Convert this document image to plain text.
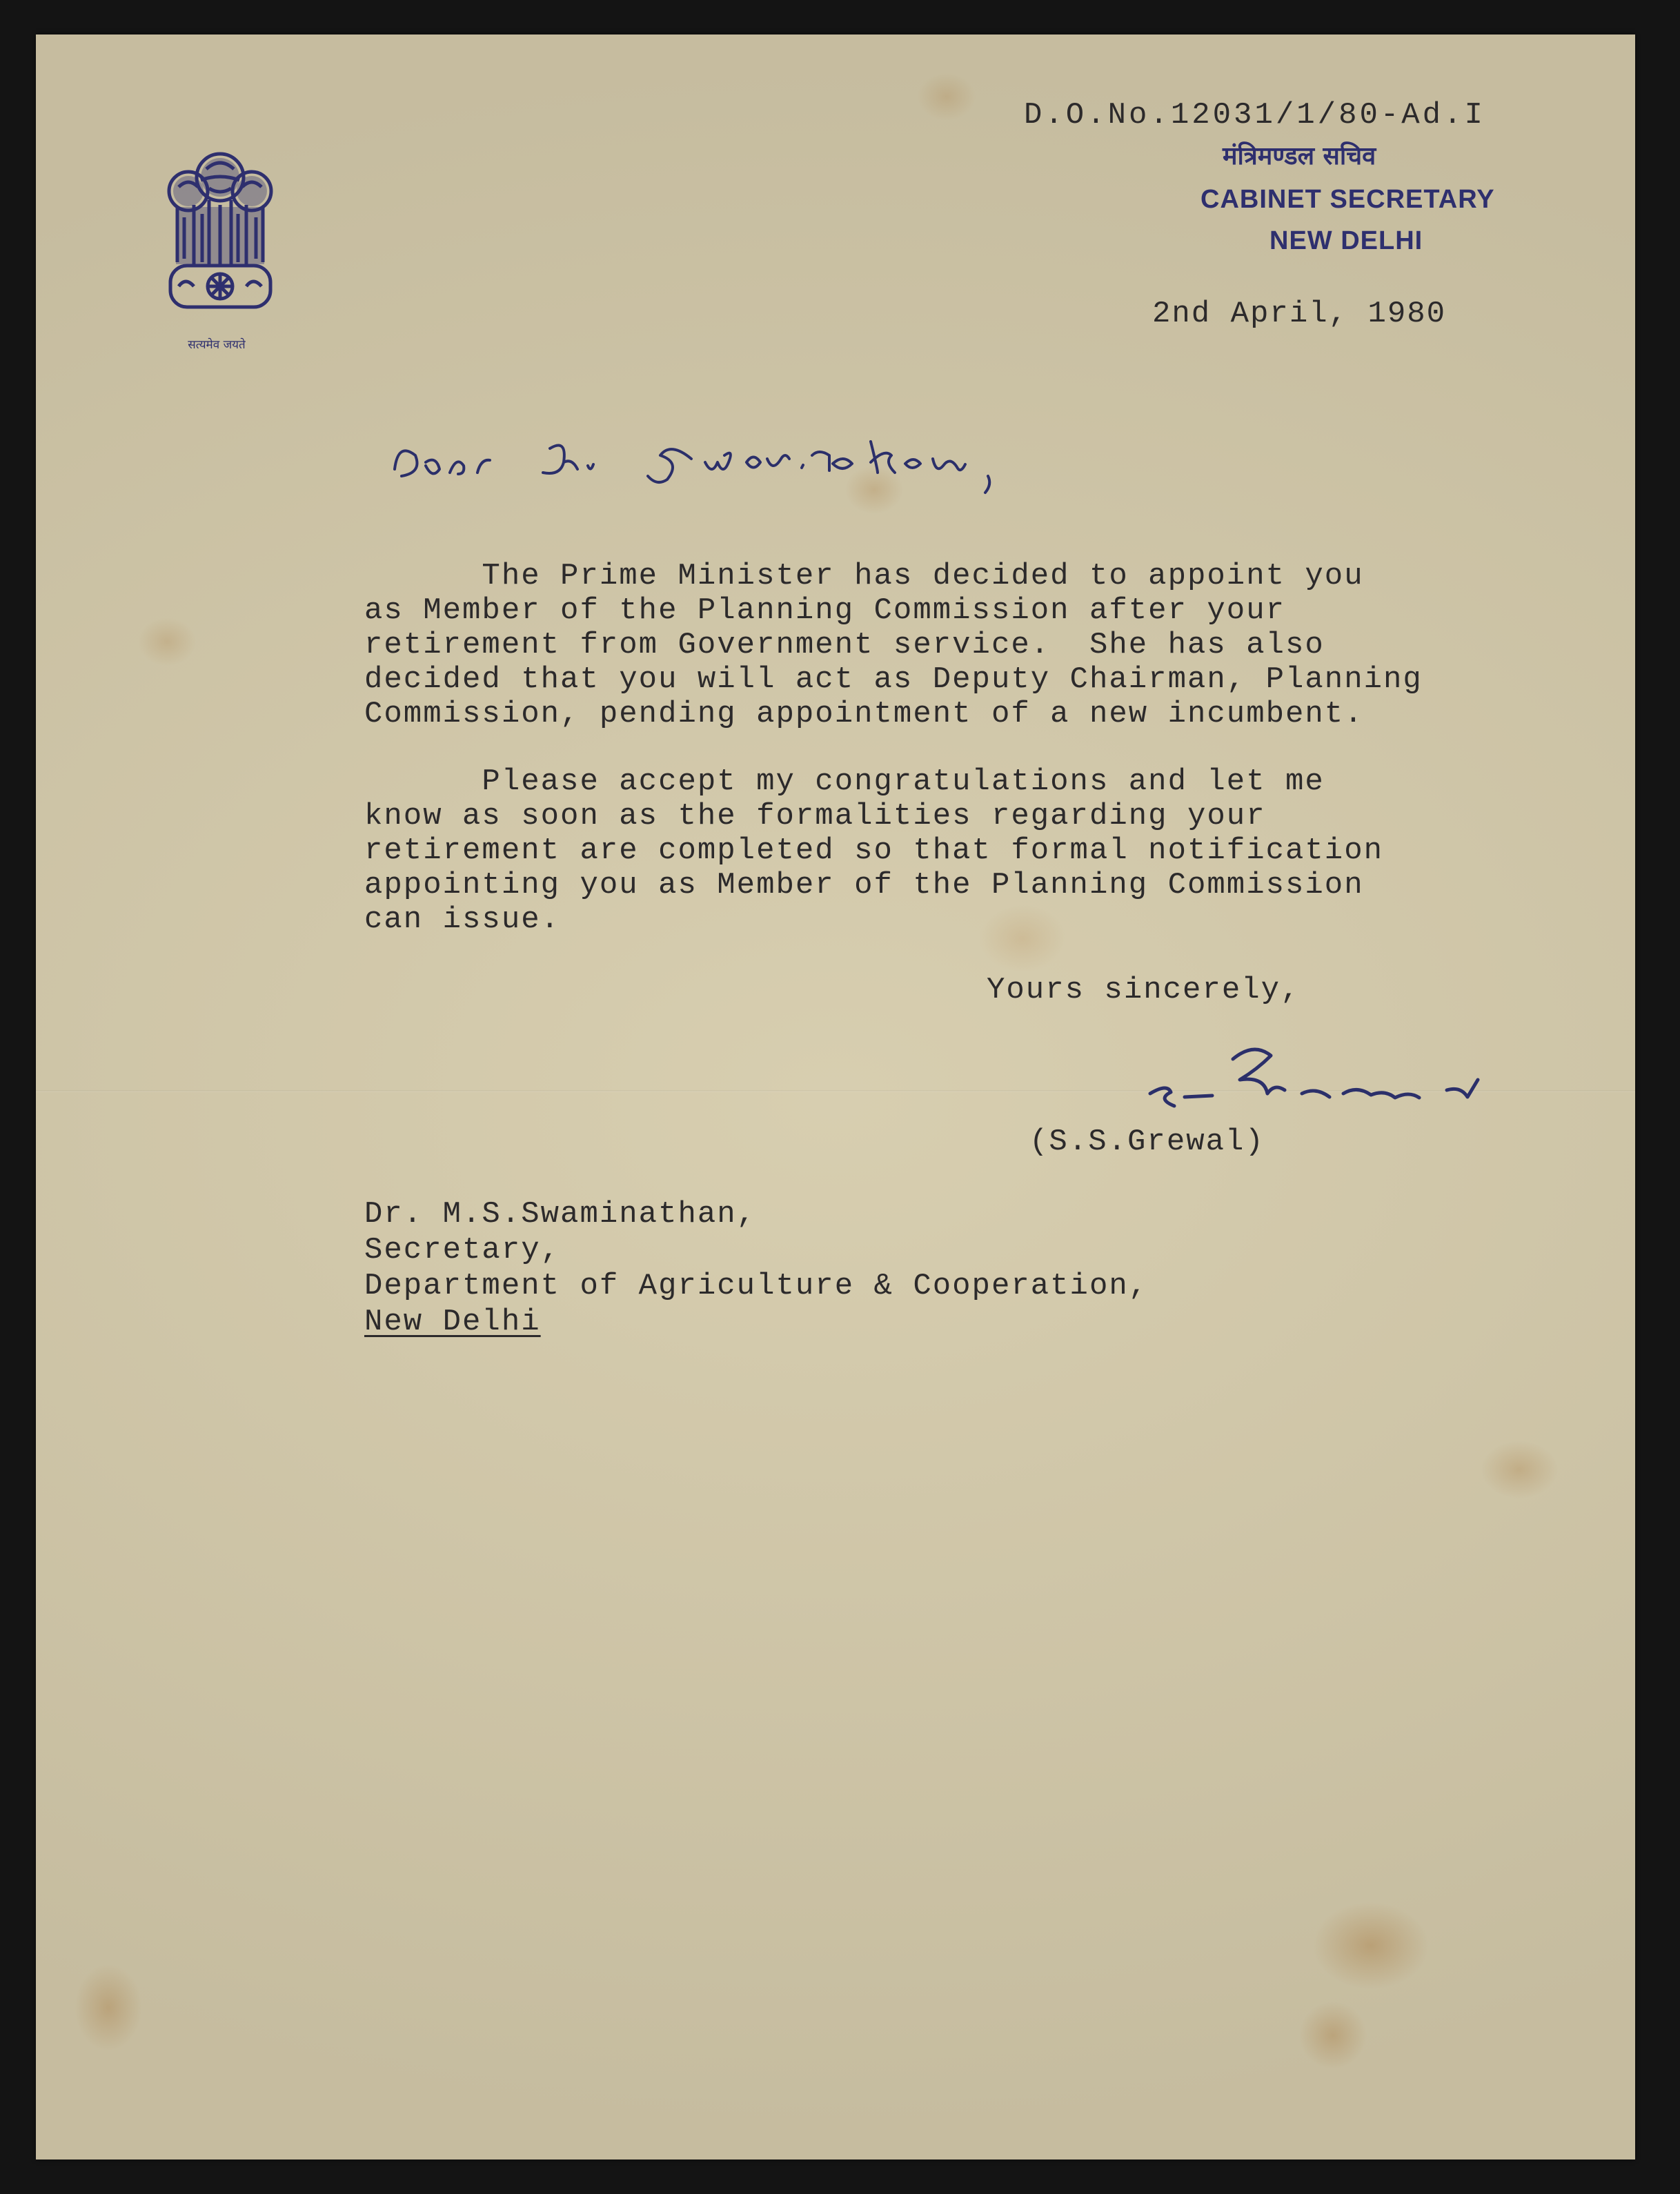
सत्यमेव जयते

D.O.No.12031/1/80-Ad.I

मंत्रिमण्डल सचिव
CABINET SECRETARY
NEW DELHI

2nd April, 1980

The Prime Minister has decided to appoint you

as Member of the Planning Commission after your

retirement from Government service.  She has also

decided that you will act as Deputy Chairman, Planning

Commission, pending appointment of a new incumbent.

Please accept my congratulations and let me

know as soon as the formalities regarding your

retirement are completed so that formal notification

appointing you as Member of the Planning Commission

can issue.

Yours sincerely,

(S.S.Grewal)

Dr. M.S.Swaminathan,

Secretary,

Department of Agriculture & Cooperation,

New Delhi
